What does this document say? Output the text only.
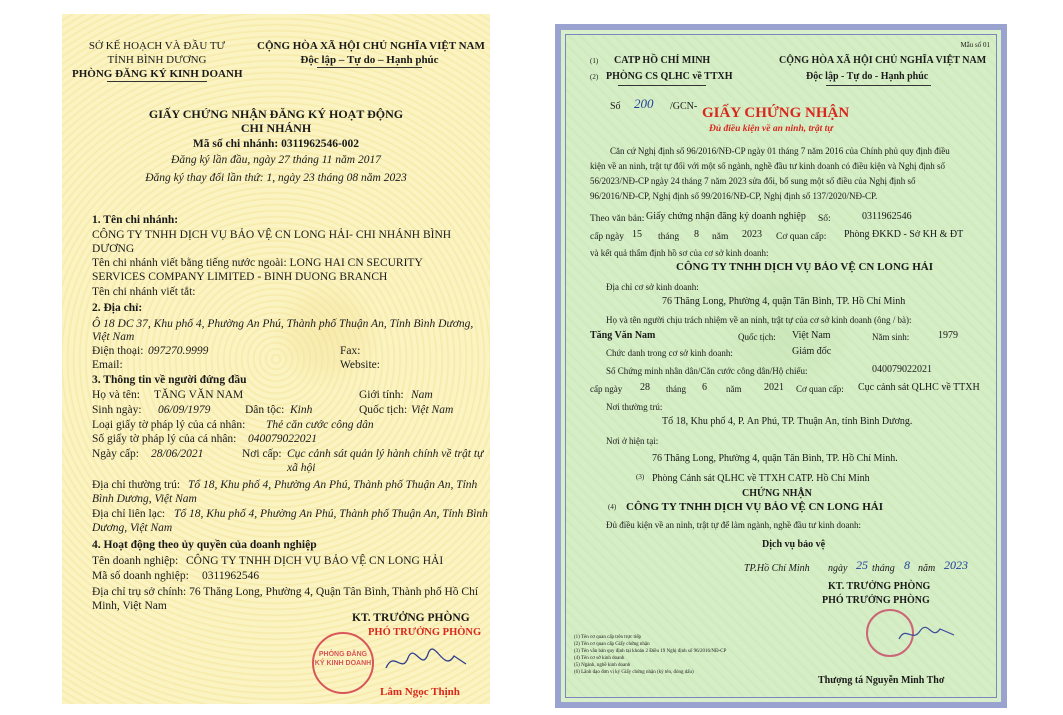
SỞ KẾ HOẠCH VÀ ĐẦU TƯ
TỈNH BÌNH DƯƠNG
PHÒNG ĐĂNG KÝ KINH DOANH
CỘNG HÒA XÃ HỘI CHỦ NGHĨA VIỆT NAM
Độc lập – Tự do – Hạnh phúc
GIẤY CHỨNG NHẬN ĐĂNG KÝ HOẠT ĐỘNG
CHI NHÁNH
Mã số chi nhánh: 0311962546-002
Đăng ký lần đầu, ngày 27 tháng 11 năm 2017
Đăng ký thay đổi lần thứ: 1, ngày 23 tháng 08 năm 2023
1. Tên chi nhánh:
CÔNG TY TNHH DỊCH VỤ BẢO VỆ CN LONG HẢI- CHI NHÁNH BÌNH
DƯƠNG
Tên chi nhánh viết bằng tiếng nước ngoài: LONG HAI CN SECURITY
SERVICES COMPANY LIMITED - BINH DUONG BRANCH
Tên chi nhánh viết tắt:
2. Địa chỉ:
Ô 18 DC 37, Khu phố 4, Phường An Phú, Thành phố Thuận An, Tỉnh Bình Dương,
Việt Nam
Điện thoại: 097270.9999	Fax:
Email:	Website:
3. Thông tin về người đứng đầu
Họ và tên: TĂNG VĂN NAM	Giới tính: Nam
Sinh ngày: 06/09/1979	Dân tộc: Kinh	Quốc tịch: Việt Nam
Loại giấy tờ pháp lý của cá nhân: Thẻ căn cước công dân
Số giấy tờ pháp lý của cá nhân: 040079022021
Ngày cấp: 28/06/2021	Nơi cấp: Cục cảnh sát quản lý hành chính về trật tự
xã hội
Địa chỉ thường trú: Tổ 18, Khu phố 4, Phường An Phú, Thành phố Thuận An, Tỉnh
Bình Dương, Việt Nam
Địa chỉ liên lạc: Tổ 18, Khu phố 4, Phường An Phú, Thành phố Thuận An, Tỉnh Bình
Dương, Việt Nam
4. Hoạt động theo ủy quyền của doanh nghiệp
Tên doanh nghiệp: CÔNG TY TNHH DỊCH VỤ BẢO VỆ CN LONG HẢI
Mã số doanh nghiệp: 0311962546
Địa chỉ trụ sở chính: 76 Thăng Long, Phường 4, Quận Tân Bình, Thành phố Hồ Chí
Minh, Việt Nam
PHÒNG ĐĂNG KÝ KINH DOANH
KT. TRƯỞNG PHÒNG
PHÓ TRƯỞNG PHÒNG
Lâm Ngọc Thịnh
Mẫu số 01
(1) CATP HỒ CHÍ MINH
(2) PHÒNG CS QLHC về TTXH
CỘNG HÒA XÃ HỘI CHỦ NGHĨA VIỆT NAM
Độc lập - Tự do - Hạnh phúc
Số 200 /GCN- GIẤY CHỨNG NHẬN
Đủ điều kiện về an ninh, trật tự
Căn cứ Nghị định số 96/2016/NĐ-CP ngày 01 tháng 7 năm 2016 của Chính phủ quy định điều
kiện về an ninh, trật tự đối với một số ngành, nghề đầu tư kinh doanh có điều kiện và Nghị định số
56/2023/NĐ-CP ngày 24 tháng 7 năm 2023 sửa đổi, bổ sung một số điều của Nghị định số
96/2016/NĐ-CP, Nghị định số 99/2016/NĐ-CP, Nghị định số 137/2020/NĐ-CP.
Theo văn bản: Giấy chứng nhận đăng ký doanh nghiệp Số:	0311962546
cấp ngày 15 tháng 8 năm 2023 Cơ quan cấp: Phòng ĐKKD - Sở KH & ĐT
và kết quả thẩm định hồ sơ của cơ sở kinh doanh:
CÔNG TY TNHH DỊCH VỤ BẢO VỆ CN LONG HẢI
Địa chỉ cơ sở kinh doanh:
76 Thăng Long, Phường 4, quận Tân Bình, TP. Hồ Chí Minh
Họ và tên người chịu trách nhiệm về an ninh, trật tự của cơ sở kinh doanh (ông / bà):
Tăng Văn Nam	Quốc tịch: Việt Nam	Năm sinh:	1979
Chức danh trong cơ sở kinh doanh:	Giám đốc
Số Chứng minh nhân dân/Căn cước công dân/Hộ chiếu:	040079022021
cấp ngày 28 tháng 6 năm 2021 Cơ quan cấp: Cục cảnh sát QLHC về TTXH
Nơi thường trú:
Tổ 18, Khu phố 4, P. An Phú, TP. Thuận An, tỉnh Bình Dương.
Nơi ở hiện tại:
76 Thăng Long, Phường 4, quận Tân Bình, TP. Hồ Chí Minh.
(3) Phòng Cảnh sát QLHC về TTXH CATP. Hồ Chí Minh
CHỨNG NHẬN
(4) CÔNG TY TNHH DỊCH VỤ BẢO VỆ CN LONG HẢI
Đủ điều kiện về an ninh, trật tự để làm ngành, nghề đầu tư kinh doanh:
Dịch vụ bảo vệ
TP.Hồ Chí Minh ngày 25 tháng 8 năm 2023
KT. TRƯỞNG PHÒNG
PHÓ TRƯỞNG PHÒNG
Thượng tá Nguyễn Minh Thơ
(1) Tên cơ quan cấp trên trực tiếp
(2) Tên cơ quan cấp Giấy chứng nhận
(3) Tên văn bản quy định tại khoản 2 Điều 19 Nghị định số 96/2016/NĐ-CP
(4) Tên cơ sở kinh doanh
(5) Ngành, nghề kinh doanh
(6) Lãnh đạo đơn vị ký Giấy chứng nhận (ký tên, đóng dấu)
